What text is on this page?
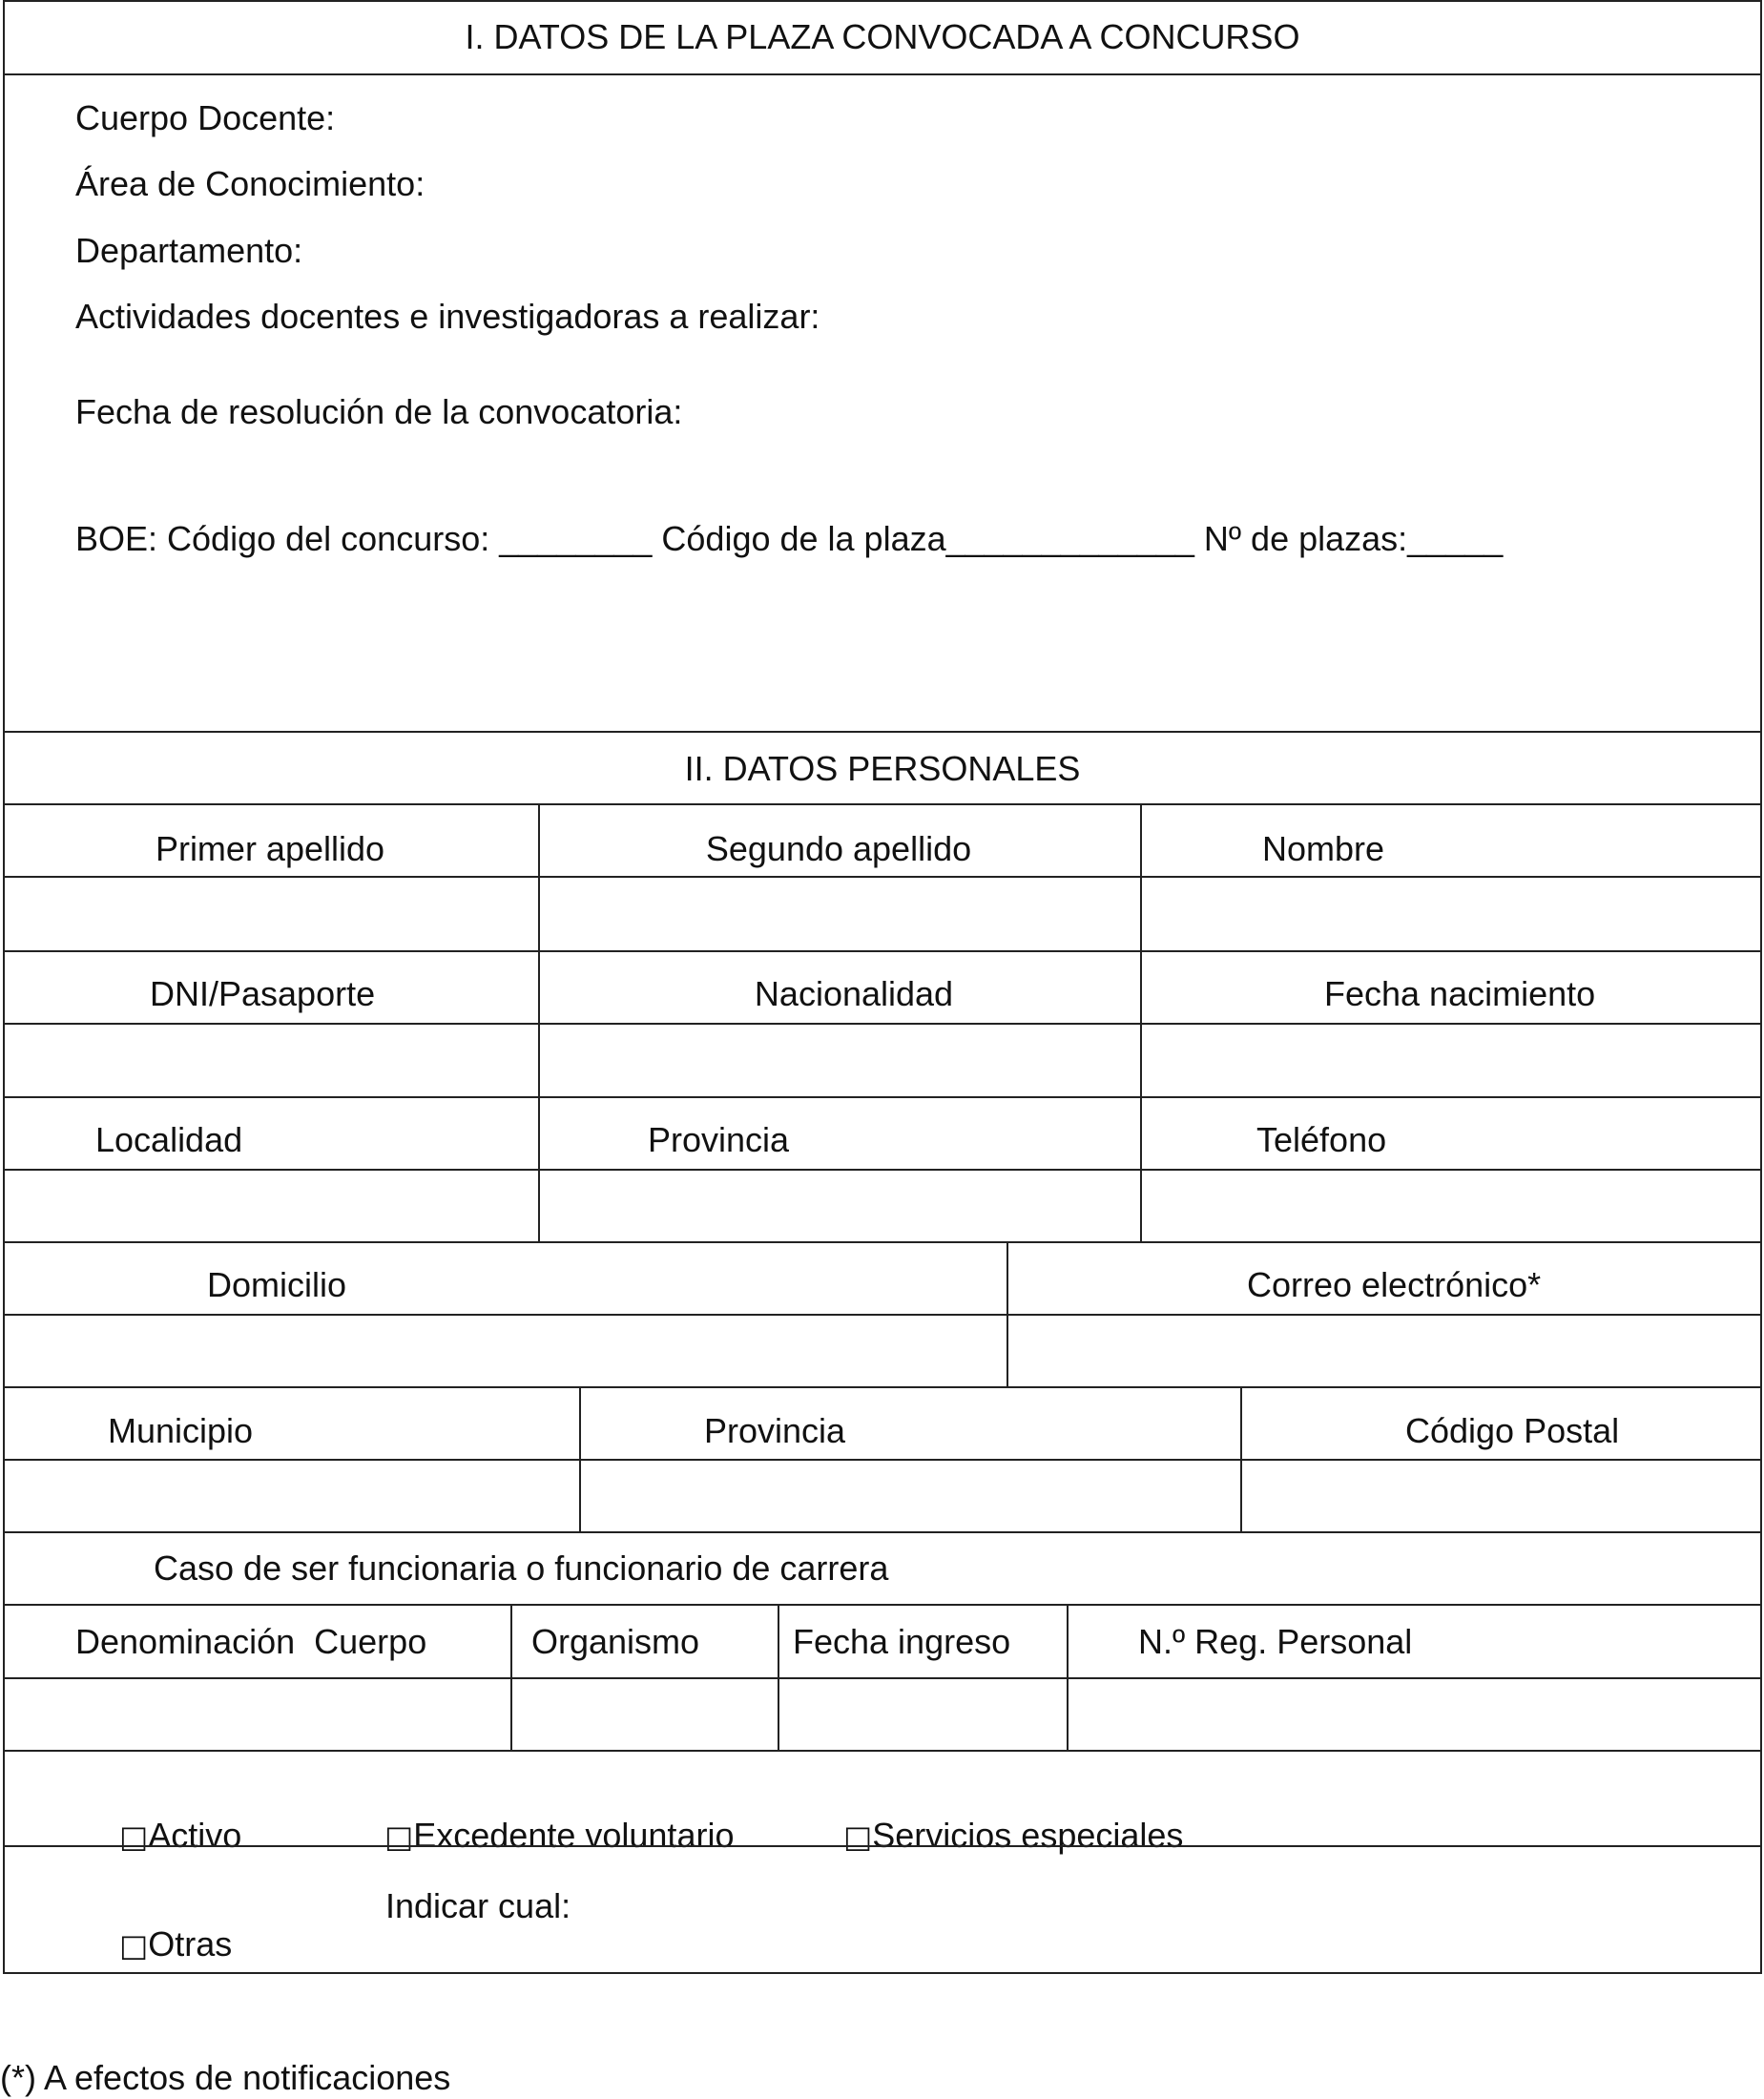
I. DATOS DE LA PLAZA CONVOCADA A CONCURSO
Cuerpo Docente:
Área de Conocimiento:
Departamento:
Actividades docentes e investigadoras a realizar:
Fecha de resolución de la convocatoria:
BOE: Código del concurso: ________ Código de la plaza_____________ Nº de plazas:_____
II. DATOS PERSONALES
Primer apellido	Segundo apellido	Nombre
DNI/Pasaporte	Nacionalidad	Fecha nacimiento
Localidad	Provincia	Teléfono
Domicilio	Correo electrónico*
Municipio	Provincia	Código Postal
Caso de ser funcionaria o funcionario de carrera
Denominación  Cuerpo	Organismo	Fecha ingreso	N.º Reg. Personal

□Activo
	□Excedente voluntario
	□Servicios especiales

□Otras

Indicar cual:
(*) A efectos de notificaciones
